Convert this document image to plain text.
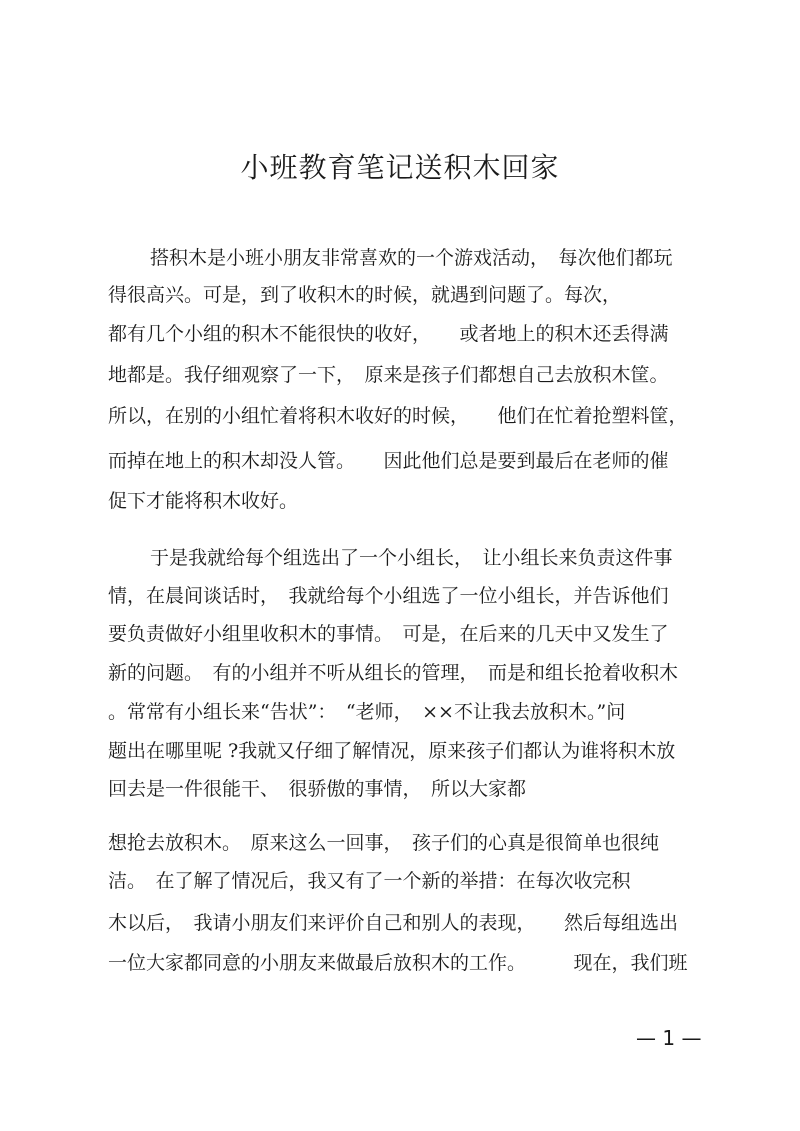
小班教育笔记送积木回家
搭积木是小班小朋友非常喜欢的一个游戏活动，　每次他们都玩
得很高兴。可是，到了收积木的时候，就遇到问题了。每次，
都有几个小组的积木不能很快的收好，　　或者地上的积木还丢得满
地都是。我仔细观察了一下，　原来是孩子们都想自己去放积木筐。
所以，在别的小组忙着将积木收好的时候，　　他们在忙着抢塑料筐，
而掉在地上的积木却没人管。　　因此他们总是要到最后在老师的催
促下才能将积木收好。
于是我就给每个组选出了一个小组长，　让小组长来负责这件事
情，在晨间谈话时，　我就给每个小组选了一位小组长，并告诉他们
要负责做好小组里收积木的事情。　可是，在后来的几天中又发生了
新的问题。　有的小组并不听从组长的管理，　而是和组长抢着收积木
。常常有小组长来“告状”：　“老师，　××不让我去放积木。”问
题出在哪里呢 ?我就又仔细了解情况，原来孩子们都认为谁将积木放
回去是一件很能干、　很骄傲的事情，　所以大家都
想抢去放积木。　原来这么一回事，　孩子们的心真是很简单也很纯
洁。　在了解了情况后，我又有了一个新的举措：在每次收完积
木以后，　我请小朋友们来评价自己和别人的表现，　　然后每组选出
一位大家都同意的小朋友来做最后放积木的工作。　　　现在，我们班
— 1 —
